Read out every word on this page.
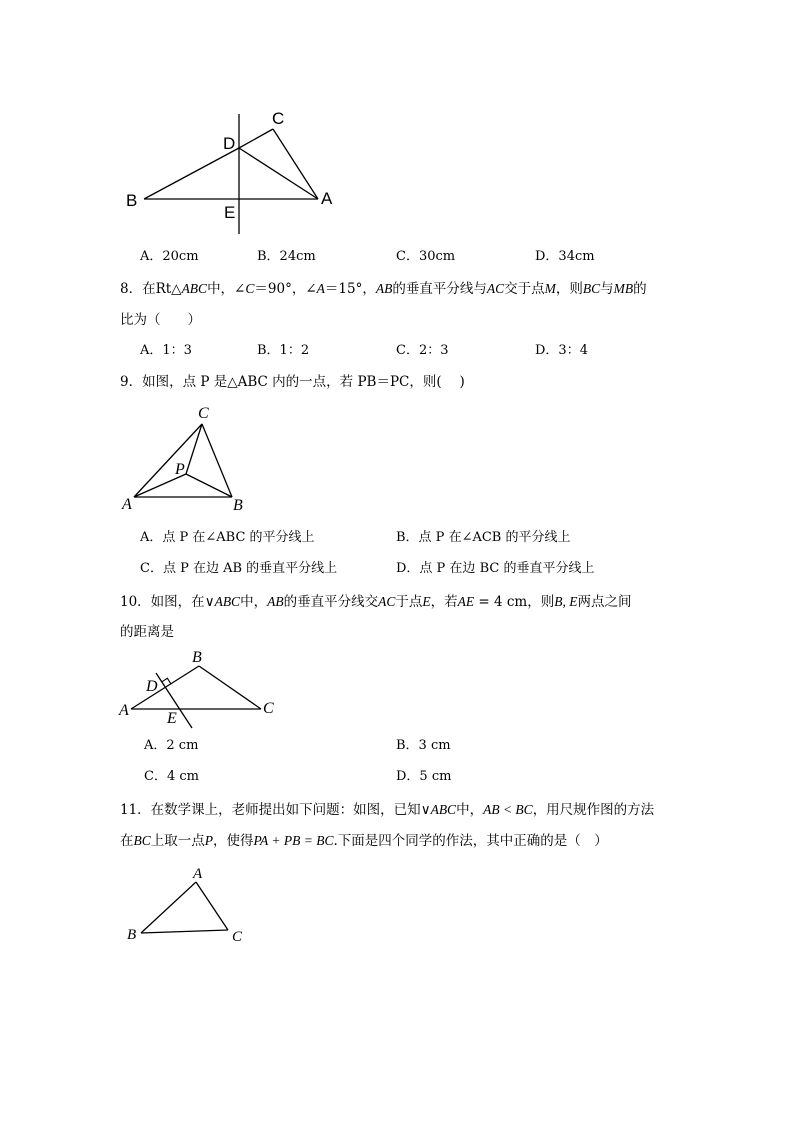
B
C
D
E
A
A．20cm	B．24cm	C．30cm	D．34cm
8．在Rt△ABC中，∠C＝90°，∠A＝15°，AB的垂直平分线与AC交于点M，则BC与MB的
比为（　　）
A．1：3	B．1：2	C．2：3	D．3：4
9．如图，点 P 是△ABC 内的一点，若 PB＝PC，则(　 )
C
P
A	B
A．点 P 在∠ABC 的平分线上	B．点 P 在∠ACB 的平分线上
C．点 P 在边 AB 的垂直平分线上	D．点 P 在边 BC 的垂直平分线上
10．如图，在∨ABC中，AB的垂直平分线交AC于点E，若AE = 4 cm，则B, E两点之间
的距离是
B
D
A E
C
A．2 cm	B．3 cm
C．4 cm	D．5 cm
11．在数学课上，老师提出如下问题：如图，已知∨ABC中，AB < BC，用尺规作图的方法
在BC上取一点P，使得PA + PB = BC.下面是四个同学的作法，其中正确的是（　）
A
B	C
